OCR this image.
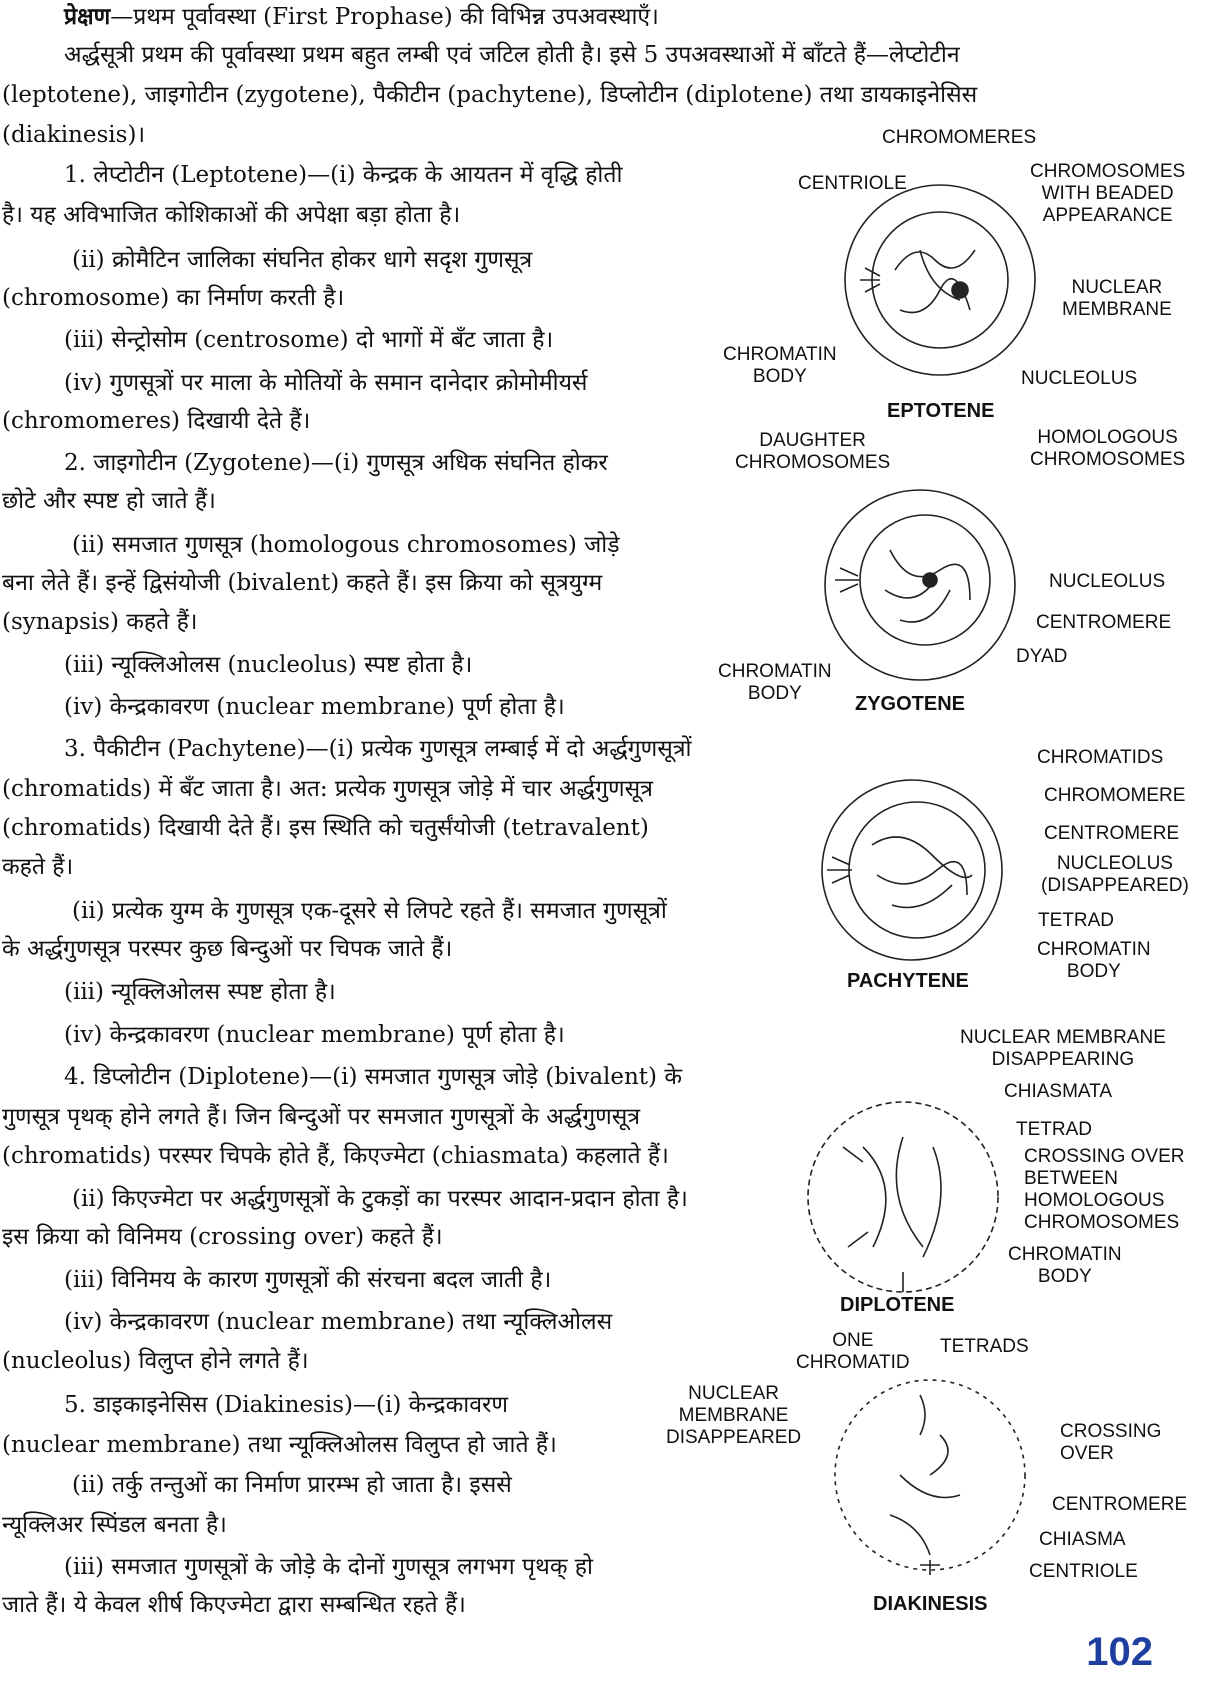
प्रेक्षण—प्रथम पूर्वावस्था (First Prophase) की विभिन्न उपअवस्थाएँ।
अर्द्धसूत्री प्रथम की पूर्वावस्था प्रथम बहुत लम्बी एवं जटिल होती है। इसे 5 उपअवस्थाओं में बाँटते हैं—लेप्टोटीन
(leptotene), जाइगोटीन (zygotene), पैकीटीन (pachytene), डिप्लोटीन (diplotene) तथा डायकाइनेसिस
(diakinesis)।
1. लेप्टोटीन (Leptotene)—(i) केन्द्रक के आयतन में वृद्धि होती
है। यह अविभाजित कोशिकाओं की अपेक्षा बड़ा होता है।
(ii) क्रोमैटिन जालिका संघनित होकर धागे सदृश गुणसूत्र
(chromosome) का निर्माण करती है।
(iii) सेन्ट्रोसोम (centrosome) दो भागों में बँट जाता है।
(iv) गुणसूत्रों पर माला के मोतियों के समान दानेदार क्रोमोमीयर्स
(chromomeres) दिखायी देते हैं।
2. जाइगोटीन (Zygotene)—(i) गुणसूत्र अधिक संघनित होकर
छोटे और स्पष्ट हो जाते हैं।
(ii) समजात गुणसूत्र (homologous chromosomes) जोड़े
बना लेते हैं। इन्हें द्विसंयोजी (bivalent) कहते हैं। इस क्रिया को सूत्रयुग्म
(synapsis) कहते हैं।
(iii) न्यूक्लिओलस (nucleolus) स्पष्ट होता है।
(iv) केन्द्रकावरण (nuclear membrane) पूर्ण होता है।
3. पैकीटीन (Pachytene)—(i) प्रत्येक गुणसूत्र लम्बाई में दो अर्द्धगुणसूत्रों
(chromatids) में बँट जाता है। अत: प्रत्येक गुणसूत्र जोड़े में चार अर्द्धगुणसूत्र
(chromatids) दिखायी देते हैं। इस स्थिति को चतुर्संयोजी (tetravalent)
कहते हैं।
(ii) प्रत्येक युग्म के गुणसूत्र एक-दूसरे से लिपटे रहते हैं। समजात गुणसूत्रों
के अर्द्धगुणसूत्र परस्पर कुछ बिन्दुओं पर चिपक जाते हैं।
(iii) न्यूक्लिओलस स्पष्ट होता है।
(iv) केन्द्रकावरण (nuclear membrane) पूर्ण होता है।
4. डिप्लोटीन (Diplotene)—(i) समजात गुणसूत्र जोड़े (bivalent) के
गुणसूत्र पृथक् होने लगते हैं। जिन बिन्दुओं पर समजात गुणसूत्रों के अर्द्धगुणसूत्र
(chromatids) परस्पर चिपके होते हैं, किएज्मेटा (chiasmata) कहलाते हैं।
(ii) किएज्मेटा पर अर्द्धगुणसूत्रों के टुकड़ों का परस्पर आदान-प्रदान होता है।
इस क्रिया को विनिमय (crossing over) कहते हैं।
(iii) विनिमय के कारण गुणसूत्रों की संरचना बदल जाती है।
(iv) केन्द्रकावरण (nuclear membrane) तथा न्यूक्लिओलस
(nucleolus) विलुप्त होने लगते हैं।
5. डाइकाइनेसिस (Diakinesis)—(i) केन्द्रकावरण
(nuclear membrane) तथा न्यूक्लिओलस विलुप्त हो जाते हैं।
(ii) तर्कु तन्तुओं का निर्माण प्रारम्भ हो जाता है। इससे
न्यूक्लिअर स्पिंडल बनता है।
(iii) समजात गुणसूत्रों के जोड़े के दोनों गुणसूत्र लगभग पृथक् हो
जाते हैं। ये केवल शीर्ष किएज्मेटा द्वारा सम्बन्धित रहते हैं।
CHROMOMERES
CENTRIOLE
CHROMOSOMES
WITH BEADED
APPEARANCE
NUCLEAR
MEMBRANE
CHROMATIN
BODY	NUCLEOLUS
EPTOTENE
DAUGHTER
CHROMOSOMES
HOMOLOGOUS
CHROMOSOMES
NUCLEOLUS
CENTROMERE
DYAD
CHROMATIN
BODY	ZYGOTENE
CHROMATIDS
CHROMOMERE
CENTROMERE
NUCLEOLUS
(DISAPPEARED)
TETRAD
CHROMATIN
BODY
PACHYTENE
NUCLEAR MEMBRANE
DISAPPEARING
CHIASMATA
TETRAD
CROSSING OVER
BETWEEN
HOMOLOGOUS
CHROMOSOMES
CHROMATIN
BODY
DIPLOTENE
ONE
CHROMATID
TETRADS
NUCLEAR
MEMBRANE
DISAPPEARED	CROSSING
OVER
CENTROMERE
CHIASMA
CENTRIOLE
DIAKINESIS
102
